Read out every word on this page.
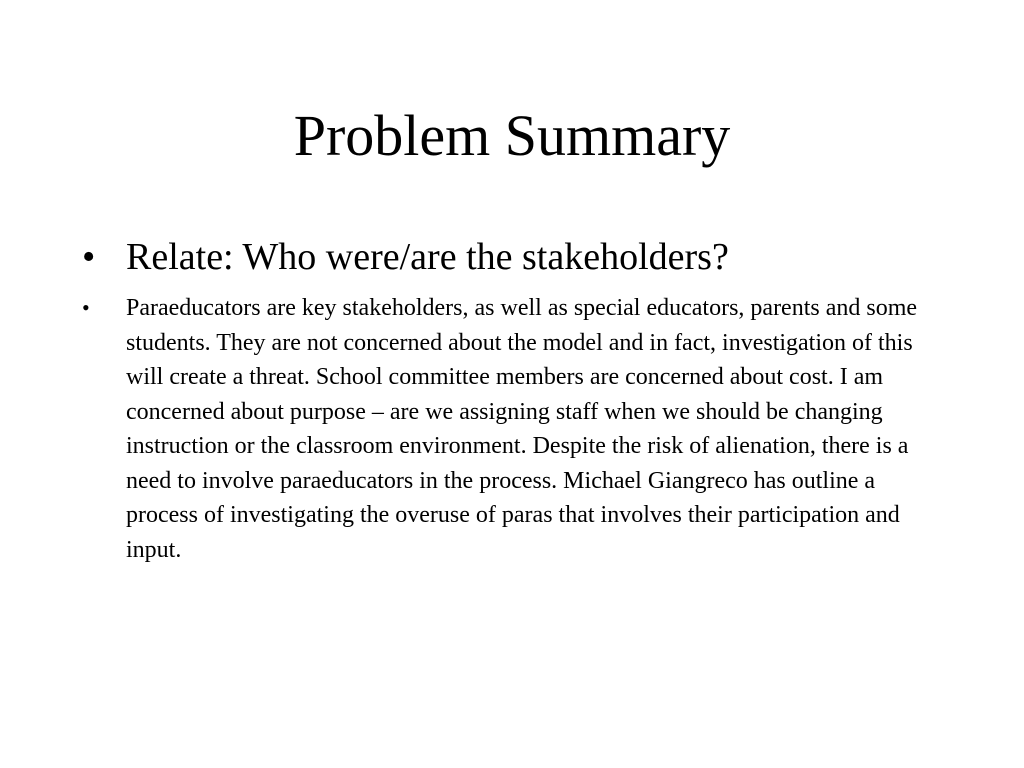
Problem Summary
• Relate: Who were/are the stakeholders?
•	Paraeducators are key stakeholders, as well as special educators, parents and some students. They are not concerned about the model and in fact, investigation of this will create a threat. School committee members are concerned about cost. I am concerned about purpose – are we assigning staff when we should be changing instruction or the classroom environment. Despite the risk of alienation, there is a need to involve paraeducators in the process. Michael Giangreco has outline a process of investigating the overuse of paras that involves their participation and input.
